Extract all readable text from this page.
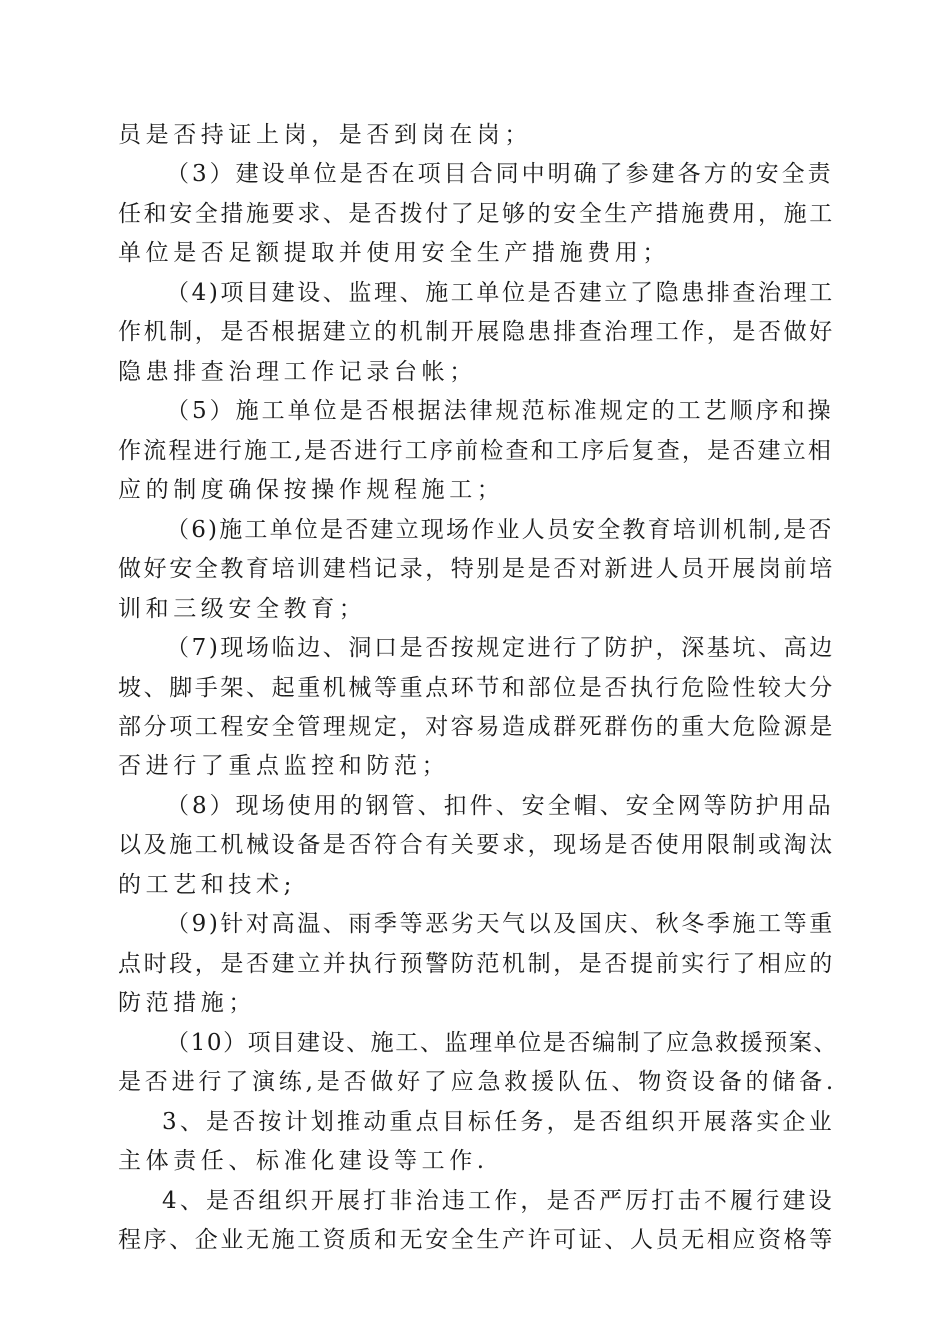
员是否持证上岗，是否到岗在岗；
（3）建设单位是否在项目合同中明确了参建各方的安全责
任和安全措施要求、是否拨付了足够的安全生产措施费用，施工
单位是否足额提取并使用安全生产措施费用；
（4)项目建设、监理、施工单位是否建立了隐患排查治理工
作机制，是否根据建立的机制开展隐患排查治理工作，是否做好
隐患排查治理工作记录台帐；
（5）施工单位是否根据法律规范标准规定的工艺顺序和操
作流程进行施工,是否进行工序前检查和工序后复查，是否建立相
应的制度确保按操作规程施工；
（6)施工单位是否建立现场作业人员安全教育培训机制,是否
做好安全教育培训建档记录，特别是是否对新进人员开展岗前培
训和三级安全教育；
（7)现场临边、洞口是否按规定进行了防护，深基坑、高边
坡、脚手架、起重机械等重点环节和部位是否执行危险性较大分
部分项工程安全管理规定，对容易造成群死群伤的重大危险源是
否进行了重点监控和防范；
（8）现场使用的钢管、扣件、安全帽、安全网等防护用品
以及施工机械设备是否符合有关要求，现场是否使用限制或淘汰
的工艺和技术;
（9)针对高温、雨季等恶劣天气以及国庆、秋冬季施工等重
点时段，是否建立并执行预警防范机制，是否提前实行了相应的
防范措施；
（10）项目建设、施工、监理单位是否编制了应急救援预案、
是否进行了演练,是否做好了应急救援队伍、物资设备的储备.
3、是否按计划推动重点目标任务，是否组织开展落实企业
主体责任、标准化建设等工作.
4、是否组织开展打非治违工作，是否严厉打击不履行建设
程序、企业无施工资质和无安全生产许可证、人员无相应资格等
